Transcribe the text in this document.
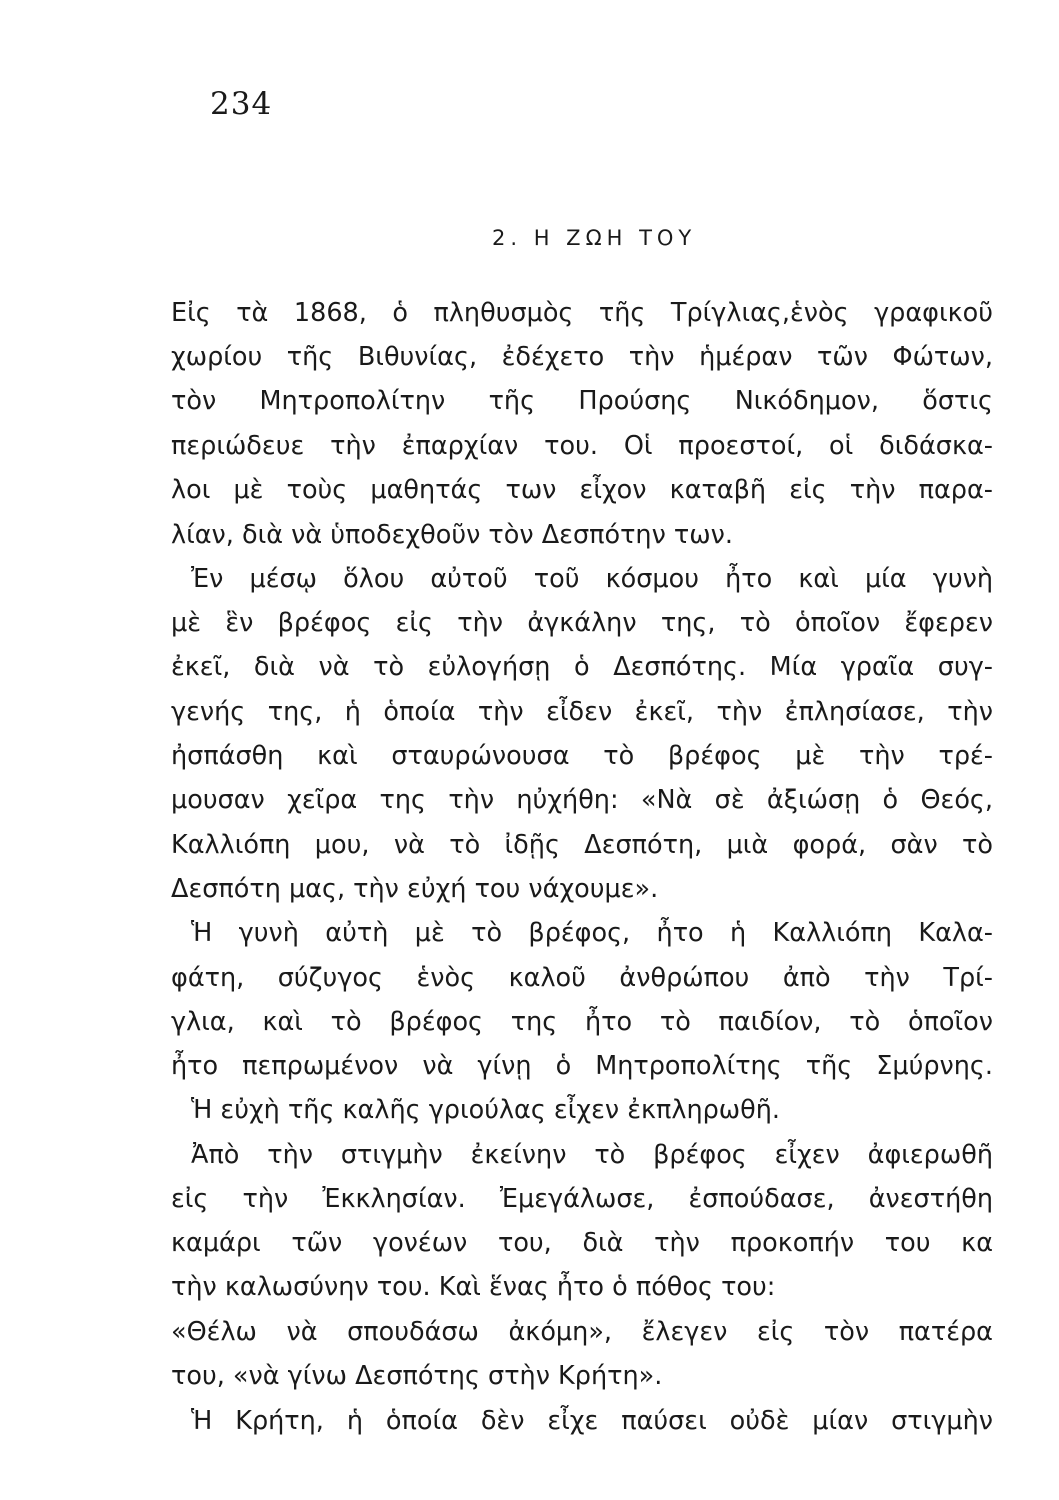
234
2. Η ΖΩΗ ΤΟΥ
Εἰς τὰ 1868, ὁ πληθυσμὸς τῆς Τρίγλιας,ἑνὸς γραφικοῦ
χωρίου τῆς Βιθυνίας, ἐδέχετο τὴν ἡμέραν τῶν Φώτων,
τὸν Μητροπολίτην τῆς Προύσης Νικόδημον, ὅστις
περιώδευε τὴν ἐπαρχίαν του. Οἱ προεστοί, οἱ διδάσκα-
λοι μὲ τοὺς μαθητάς των εἶχον καταβῆ εἰς τὴν παρα-
λίαν, διὰ νὰ ὑποδεχθοῦν τὸν Δεσπότην των.
Ἐν μέσῳ ὅλου αὐτοῦ τοῦ κόσμου ἦτο καὶ μία γυνὴ
μὲ ἓν βρέφος εἰς τὴν ἀγκάλην της, τὸ ὁποῖον ἔφερεν
ἐκεῖ, διὰ νὰ τὸ εὐλογήσῃ ὁ Δεσπότης. Μία γραῖα συγ-
γενής της, ἡ ὁποία τὴν εἶδεν ἐκεῖ, τὴν ἐπλησίασε, τὴν
ἠσπάσθη καὶ σταυρώνουσα τὸ βρέφος μὲ τὴν τρέ-
μουσαν χεῖρα της τὴν ηὐχήθη: «Νὰ σὲ ἀξιώσῃ ὁ Θεός,
Καλλιόπη μου, νὰ τὸ ἰδῇς Δεσπότη, μιὰ φορά, σὰν τὸ
Δεσπότη μας, τὴν εὐχή του νάχουμε».
Ἡ γυνὴ αὐτὴ μὲ τὸ βρέφος, ἦτο ἡ Καλλιόπη Καλα-
φάτη, σύζυγος ἑνὸς καλοῦ ἀνθρώπου ἀπὸ τὴν Τρί-
γλια, καὶ τὸ βρέφος της ἦτο τὸ παιδίον, τὸ ὁποῖον
ἦτο πεπρωμένον νὰ γίνῃ ὁ Μητροπολίτης τῆς Σμύρνης.
Ἡ εὐχὴ τῆς καλῆς γριούλας εἶχεν ἐκπληρωθῆ.
Ἀπὸ τὴν στιγμὴν ἐκείνην τὸ βρέφος εἶχεν ἀφιερωθῆ
εἰς τὴν Ἐκκλησίαν. Ἐμεγάλωσε, ἐσπούδασε, ἀνεστήθη
καμάρι τῶν γονέων του, διὰ τὴν προκοπήν του κα
τὴν καλωσύνην του. Καὶ ἕνας ἦτο ὁ πόθος του:
«Θέλω νὰ σπουδάσω ἀκόμη», ἔλεγεν εἰς τὸν πατέρα
του, «νὰ γίνω Δεσπότης στὴν Κρήτη».
Ἡ Κρήτη, ἡ ὁποία δὲν εἶχε παύσει οὐδὲ μίαν στιγμὴν
